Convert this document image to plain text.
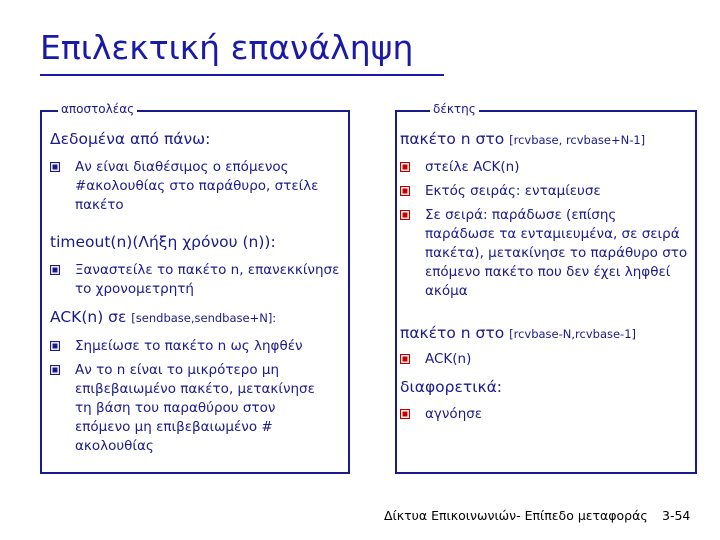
Επιλεκτική επανάληψη
αποστολέας
Δεδομένα από πάνω:
Αν είναι διαθέσιμος ο επόμενος #ακολουθίας στο παράθυρο, στείλε πακέτο
timeout(n)(Λήξη χρόνου (n)):
Ξαναστείλε το πακέτο n, επανεκκίνησε το χρονομετρητή
ACK(n) σε [sendbase,sendbase+N]:
Σημείωσε το πακέτο n ως ληφθέν
Αν το n είναι το μικρότερο μη επιβεβαιωμένο πακέτο, μετακίνησε τη βάση του παραθύρου στον επόμενο μη επιβεβαιωμένο # ακολουθίας
δέκτης
πακέτο n στο [rcvbase, rcvbase+N-1]
στείλε ACK(n)
Εκτός σειράς: ενταμίευσε
Σε σειρά: παράδωσε (επίσης παράδωσε τα ενταμιευμένα, σε σειρά πακέτα), μετακίνησε το παράθυρο στο επόμενο πακέτο που δεν έχει ληφθεί ακόμα
πακέτο n στο [rcvbase-N,rcvbase-1]
ACK(n)
διαφορετικά:
αγνόησε
Δίκτυα Επικοινωνιών- Επίπεδο μεταφοράς 3-54
